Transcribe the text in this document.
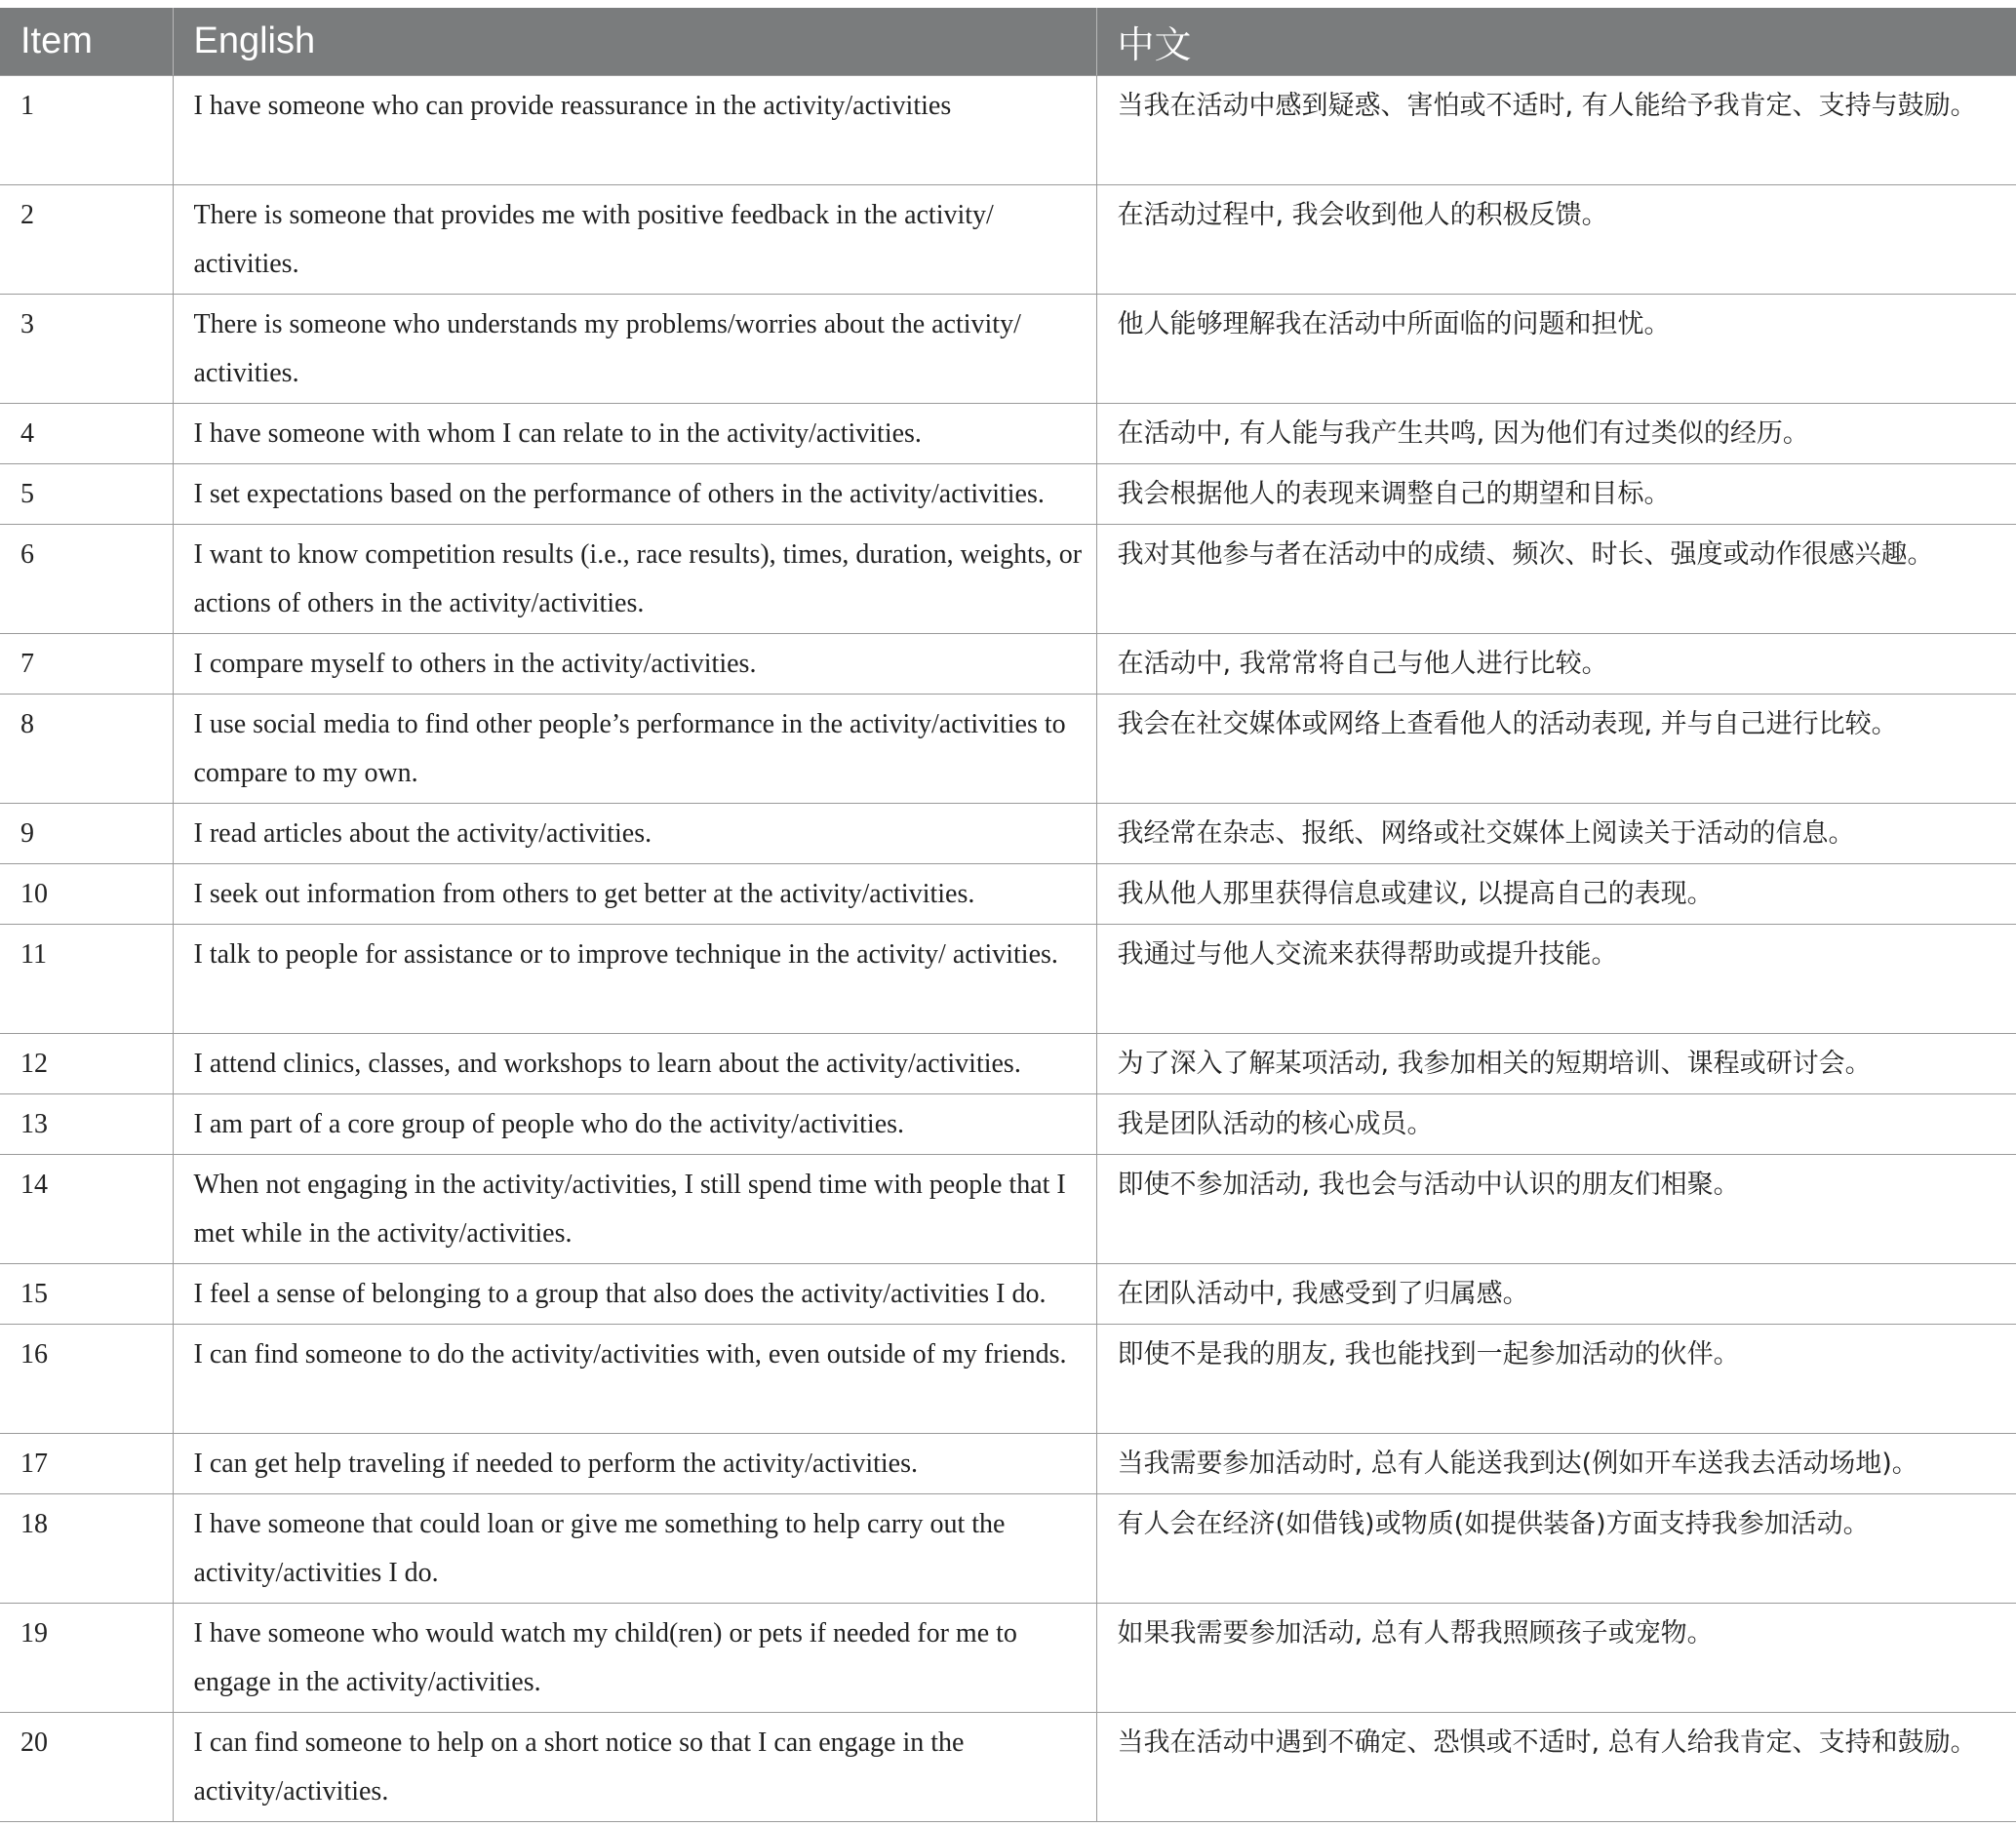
Item	English	中文
1	I have someone who can provide reassurance in the activity/activities	当我在活动中感到疑惑、害怕或不适时, 有人能给予我肯定、支持与鼓励。
2	There is someone that provides me with positive feedback in the activity/ activities.	在活动过程中, 我会收到他人的积极反馈。
3	There is someone who understands my problems/worries about the activity/ activities.	他人能够理解我在活动中所面临的问题和担忧。
4	I have someone with whom I can relate to in the activity/activities.	在活动中, 有人能与我产生共鸣, 因为他们有过类似的经历。
5	I set expectations based on the performance of others in the activity/activities.	我会根据他人的表现来调整自己的期望和目标。
6	I want to know competition results (i.e., race results), times, duration, weights, or actions of others in the activity/activities.	我对其他参与者在活动中的成绩、频次、时长、强度或动作很感兴趣。
7	I compare myself to others in the activity/activities.	在活动中, 我常常将自己与他人进行比较。
8	I use social media to find other people’s performance in the activity/activities to compare to my own.	我会在社交媒体或网络上查看他人的活动表现, 并与自己进行比较。
9	I read articles about the activity/activities.	我经常在杂志、报纸、网络或社交媒体上阅读关于活动的信息。
10	I seek out information from others to get better at the activity/activities.	我从他人那里获得信息或建议, 以提高自己的表现。
11	I talk to people for assistance or to improve technique in the activity/ activities.	我通过与他人交流来获得帮助或提升技能。
12	I attend clinics, classes, and workshops to learn about the activity/activities.	为了深入了解某项活动, 我参加相关的短期培训、课程或研讨会。
13	I am part of a core group of people who do the activity/activities.	我是团队活动的核心成员。
14	When not engaging in the activity/activities, I still spend time with people that I met while in the activity/activities.	即使不参加活动, 我也会与活动中认识的朋友们相聚。
15	I feel a sense of belonging to a group that also does the activity/activities I do.	在团队活动中, 我感受到了归属感。
16	I can find someone to do the activity/activities with, even outside of my friends.	即使不是我的朋友, 我也能找到一起参加活动的伙伴。
17	I can get help traveling if needed to perform the activity/activities.	当我需要参加活动时, 总有人能送我到达(例如开车送我去活动场地)。
18	I have someone that could loan or give me something to help carry out the activity/activities I do.	有人会在经济(如借钱)或物质(如提供装备)方面支持我参加活动。
19	I have someone who would watch my child(ren) or pets if needed for me to engage in the activity/activities.	如果我需要参加活动, 总有人帮我照顾孩子或宠物。
20	I can find someone to help on a short notice so that I can engage in the activity/activities.	当我在活动中遇到不确定、恐惧或不适时, 总有人给我肯定、支持和鼓励。
